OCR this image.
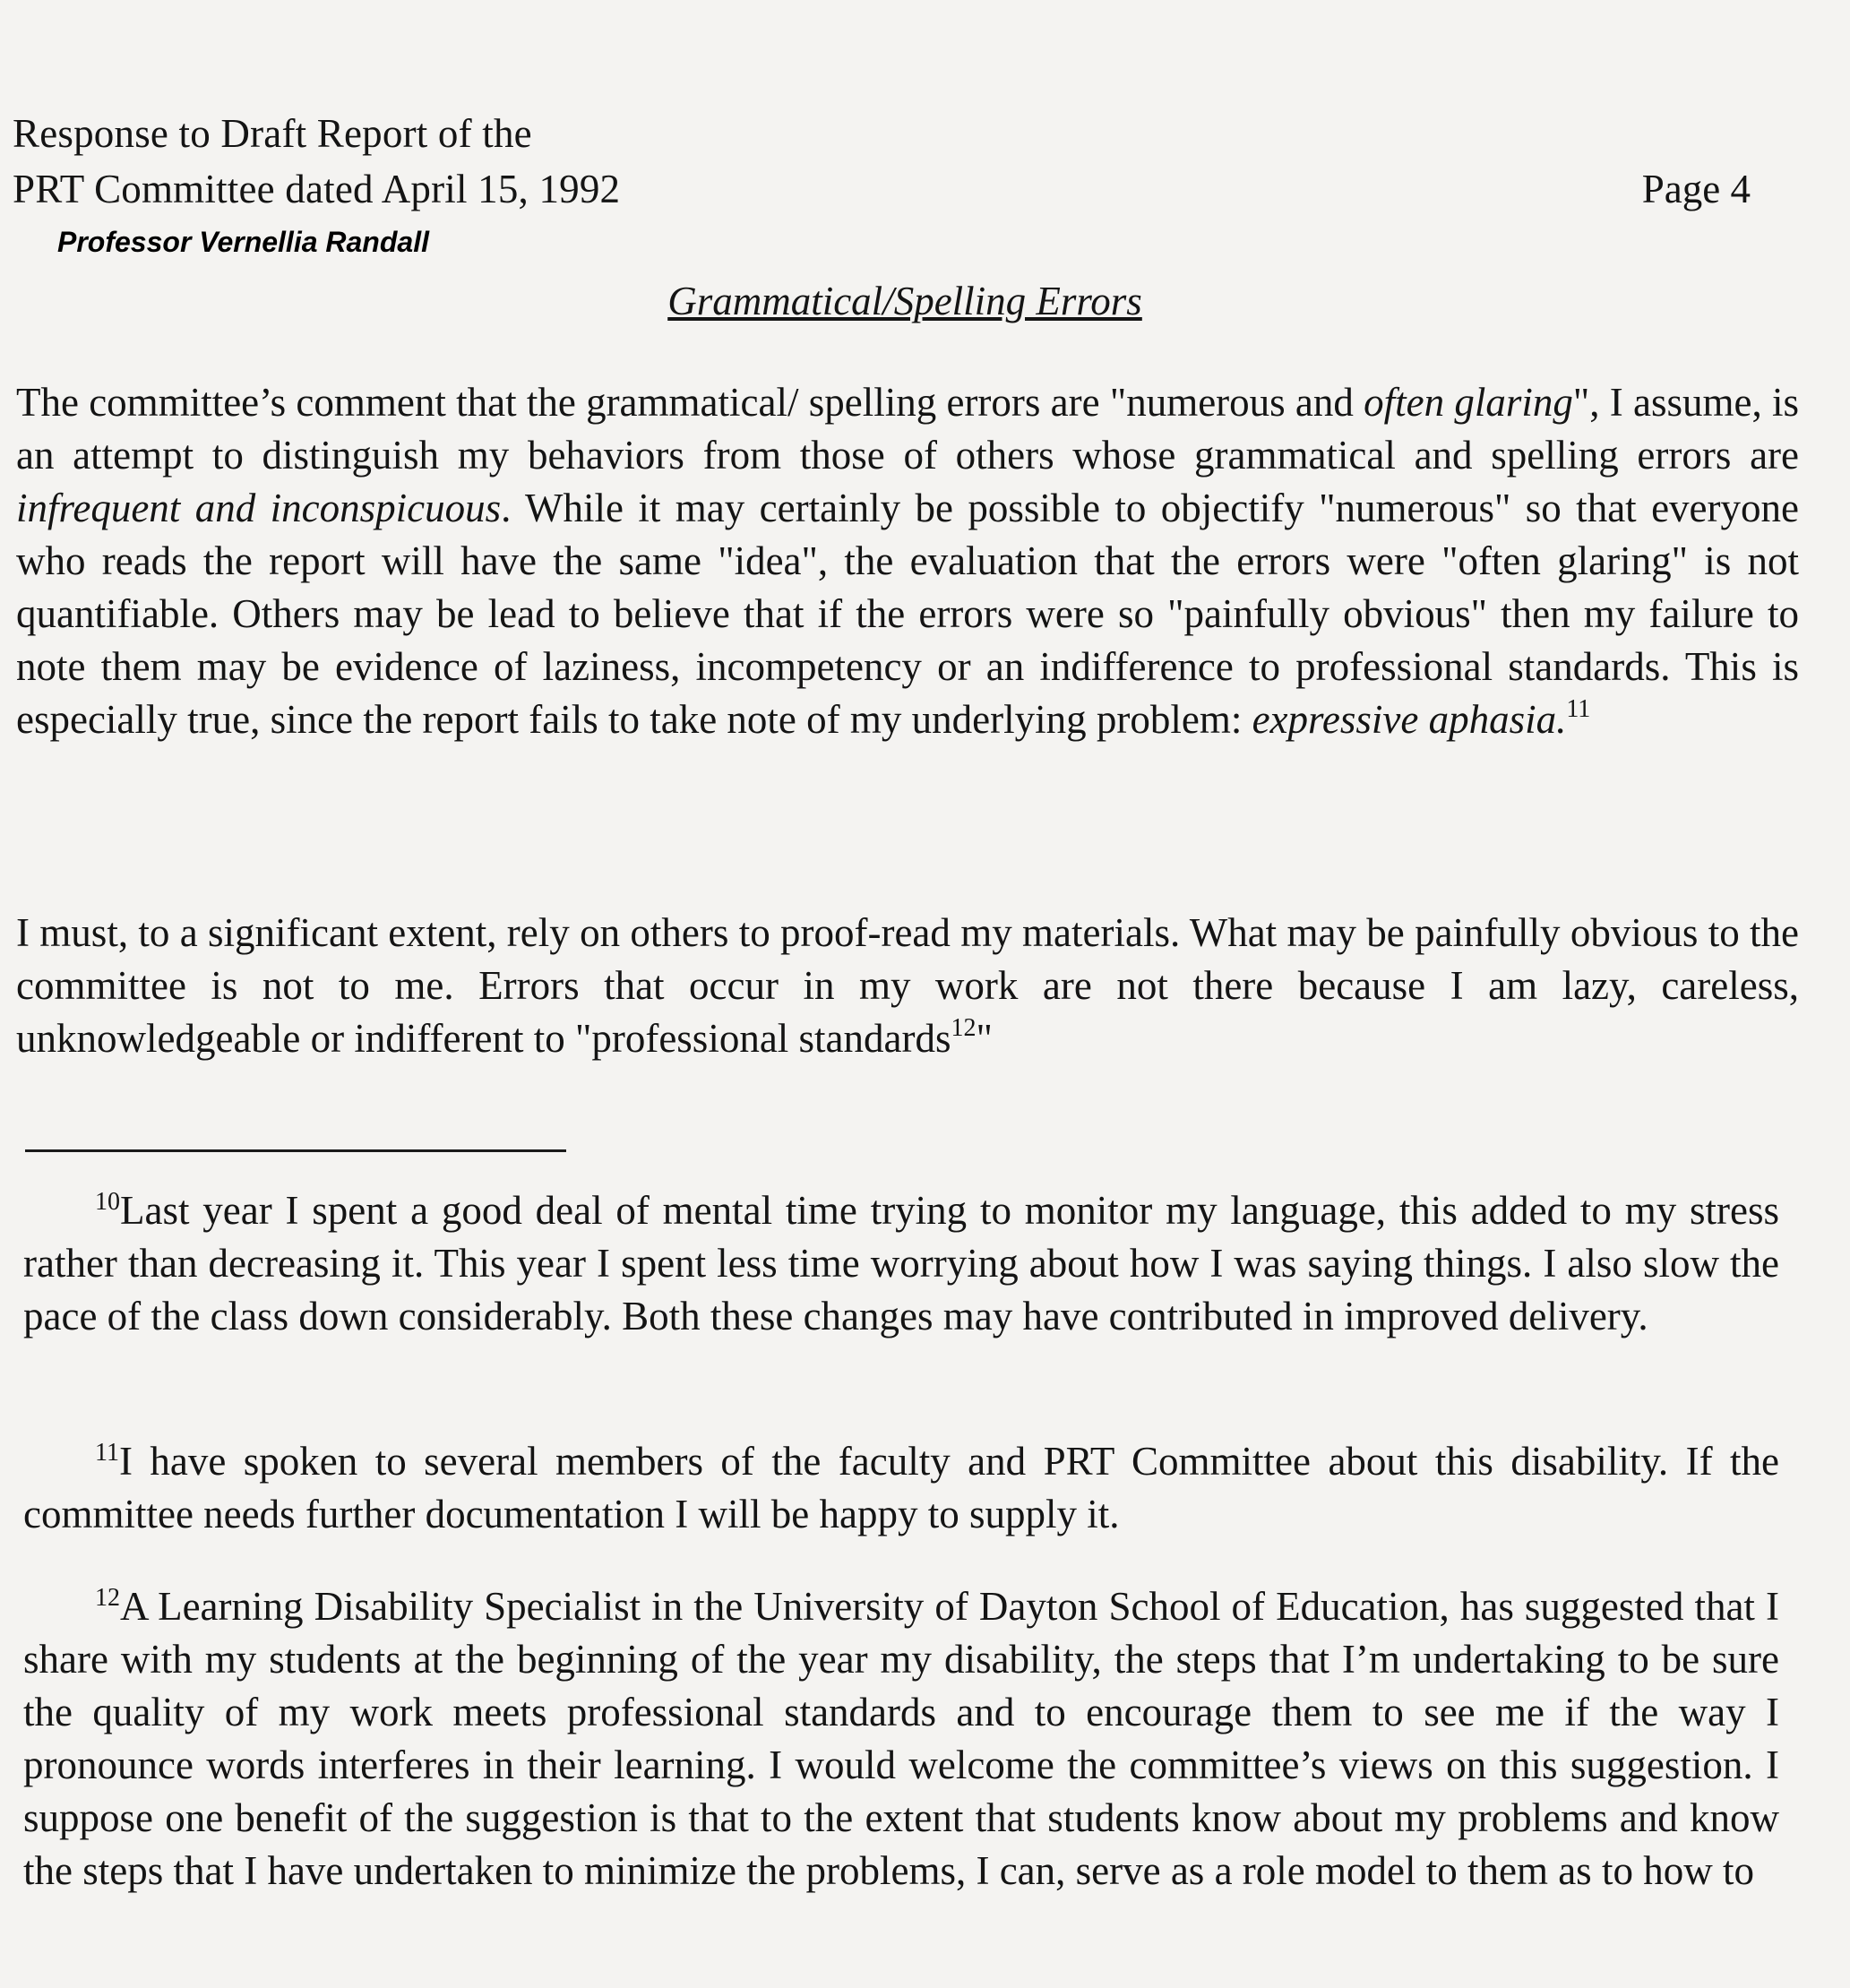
Response to Draft Report of the
PRT Committee dated April 15, 1992	Page 4
Professor Vernellia Randall
Grammatical/Spelling Errors
The committee’s comment that the grammatical/ spelling errors are "numerous and often glaring", I assume, is an attempt to distinguish my behaviors from those of others whose grammatical and spelling errors are infrequent and inconspicuous. While it may certainly be possible to objectify "numerous" so that everyone who reads the report will have the same "idea", the evaluation that the errors were "often glaring" is not quantifiable. Others may be lead to believe that if the errors were so "painfully obvious" then my failure to note them may be evidence of laziness, incompetency or an indifference to professional standards. This is especially true, since the report fails to take note of my underlying problem: expressive aphasia.$^{11}$
I must, to a significant extent, rely on others to proof-read my materials. What may be painfully obvious to the committee is not to me. Errors that occur in my work are not there because I am lazy, careless, unknowledgeable or indifferent to "professional standards$^{12}$"
$^{10}$Last year I spent a good deal of mental time trying to monitor my language, this added to my stress rather than decreasing it. This year I spent less time worrying about how I was saying things. I also slow the pace of the class down considerably. Both these changes may have contributed in improved delivery.
$^{11}$I have spoken to several members of the faculty and PRT Committee about this disability. If the committee needs further documentation I will be happy to supply it.
$^{12}$A Learning Disability Specialist in the University of Dayton School of Education, has suggested that I share with my students at the beginning of the year my disability, the steps that I’m undertaking to be sure the quality of my work meets professional standards and to encourage them to see me if the way I pronounce words interferes in their learning. I would welcome the committee’s views on this suggestion. I suppose one benefit of the suggestion is that to the extent that students know about my problems and know the steps that I have undertaken to minimize the problems, I can, serve as a role model to them as to how to
